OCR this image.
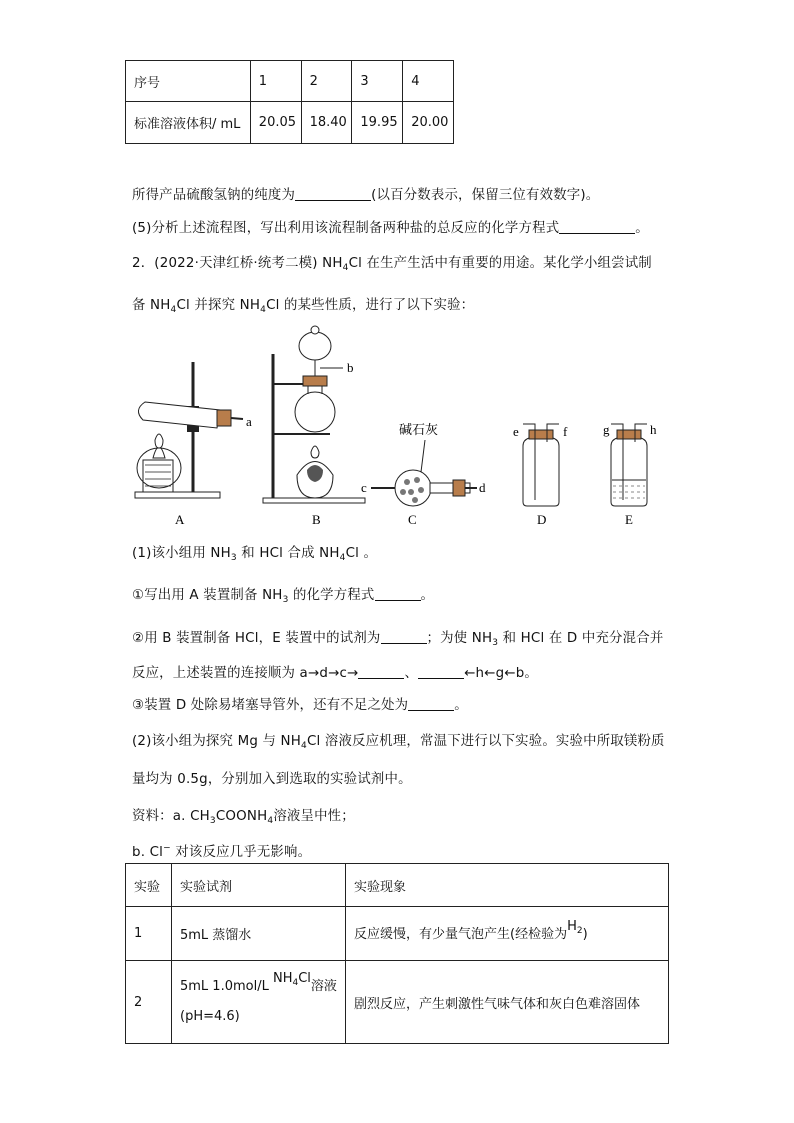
序号	1	2	3	4
标准溶液体积/ mL	20.05	18.40	19.95	20.00
所得产品硫酸氢钠的纯度为	(以百分数表示，保留三位有效数字)。
(5)分析上述流程图，写出利用该流程制备两种盐的总反应的化学方程式	。
2．(2022·天津红桥·统考二模) $NH_4Cl$ 在生产生活中有重要的用途。某化学小组尝试制
备 $NH_4Cl$ 并探究 $NH_4Cl$ 的某些性质，进行了以下实验：
a
b
碱石灰
c	d
e	f	g	h
A	B	C	D	E
(1)该小组用 $NH_3$ 和 HCl 合成 $NH_4Cl$ 。
①写出用 A 装置制备 $NH_3$ 的化学方程式	。
②用 B 装置制备 HCl，E 装置中的试剂为	；为使 $NH_3$ 和 HCl 在 D 中充分混合并
反应，上述装置的连接顺为 a→d→c→	、	←h←g←b。
③装置 D 处除易堵塞导管外，还有不足之处为	。
(2)该小组为探究 Mg 与 $NH_4Cl$ 溶液反应机理，常温下进行以下实验。实验中所取镁粉质
量均为 0.5g，分别加入到选取的实验试剂中。
资料：a. $CH_3COONH_4$溶液呈中性；
b. Cl− 对该反应几乎无影响。
实验	实验试剂	实验现象
1	5mL 蒸馏水	反应缓慢，有少量气泡产生(经检验为$H_2$)
2	5mL 1.0mol/L $NH_4Cl$溶液
(pH=4.6)	剧烈反应，产生刺激性气味气体和灰白色难溶固体
